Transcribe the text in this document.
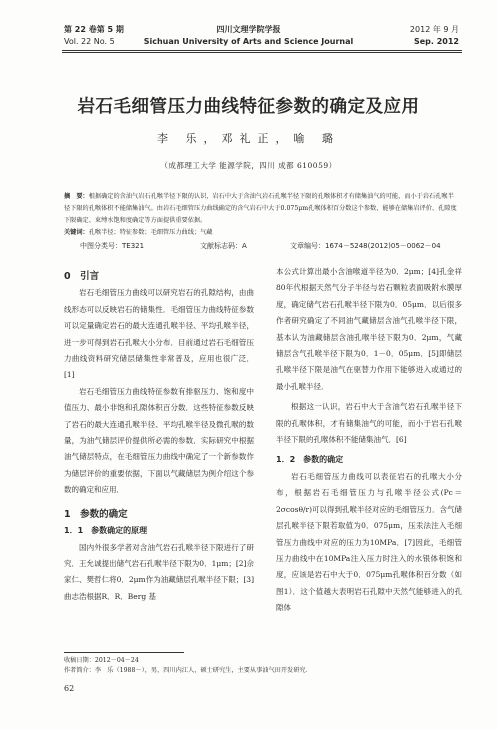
第 22 卷第 5 期
Vol. 22 No. 5
四川文理学院学报
Sichuan University of Arts and Science Journal
2012 年 9 月
Sep. 2012
岩石毛细管压力曲线特征参数的确定及应用
李 乐，邓礼正，喻 璐
（成都理工大学 能源学院，四川 成都 610059）
摘　要：根据确定的含油气岩石孔喉半径下限的认识，岩石中大于含油气岩石孔喉半径下限的孔喉体积才有储集油气的可能，而小于岩石孔喉半径下限的孔喉体积不能储集油气。由岩石毛细管压力曲线确定的含气岩石中大于0.075μm孔喉体积百分数这个参数，能够在储集岩评价、孔隙度下限确定、束缚水饱和度确定等方面提供重要依据。
关键词：孔喉半径；特征参数；毛细管压力曲线；气藏
中图分类号：TE321	文献标志码：A	文章编号：1674－5248(2012)05－0062－04

0　引言

岩石毛细管压力曲线可以研究岩石的孔隙结构，由曲线形态可以反映岩石的储集性．毛细管压力曲线特征参数可以定量确定岩石的最大连通孔喉半径、平均孔喉半径，进一步可得到岩石孔喉大小分布．目前通过岩石毛细管压力曲线资料研究储层储集性非常普及，应用也很广泛．[1]

岩石毛细管压力曲线特征参数有排驱压力、饱和度中值压力、最小非饱和孔隙体积百分数．这些特征参数反映了岩石的最大连通孔喉半径、平均孔喉半径及微孔喉的数量，为油气储层评价提供所必需的参数．实际研究中根据油气储层特点，在毛细管压力曲线中确定了一个新参数作为储层评价的重要依据，下面以气藏储层为例介绍这个参数的确定和应用．

1　参数的确定

1．1　参数确定的原理

国内外很多学者对含油气岩石孔喉半径下限进行了研究．王允诚提出储气岩石孔喉半径下限为0．1μm；[2]佘家仁、樊哲仁将0．2μm作为油藏储层孔喉半径下限；[3]曲志浩根据R．R．Berg 基

本公式计算出最小含油喉道半径为0．2μm；[4]孔金祥80年代根据天然气分子半径与岩石颗粒表面吸附水膜厚度，确定储气岩石孔喉半径下限为0．05μm．以后很多作者研究确定了不同油气藏储层含油气孔喉半径下限，基本认为油藏储层含油孔喉半径下限为0．2μm，气藏储层含气孔喉半径下限为0．1－0．05μm．[5]即储层孔喉半径下限是油气在驱替力作用下能够进入或通过的最小孔喉半径．

根据这一认识，岩石中大于含油气岩石孔喉半径下限的孔喉体积，才有储集油气的可能，而小于岩石孔喉半径下限的孔喉体积不能储集油气．[6]

1．2　参数的确定

岩石毛细管压力曲线可以表征岩石的孔喉大小分布，根据岩石毛细管压力与孔喉半径公式(Pc＝2σcosθ/r)可以得到孔喉半径对应的毛细管压力．含气储层孔喉半径下限若取值为0．075μm，压汞法注入毛细管压力曲线中对应的压力为10MPa．[7]因此，毛细管压力曲线中在10MPa注入压力时注入的水银体积饱和度，应该是岩石中大于0．075μm孔喉体积百分数（如图1）．这个值越大表明岩石孔隙中天然气能够进入的孔隙体

收稿日期：2012－04－24
作者简介：李　乐（1988－），男，四川内江人，硕士研究生，主要从事油气田开发研究．
62
